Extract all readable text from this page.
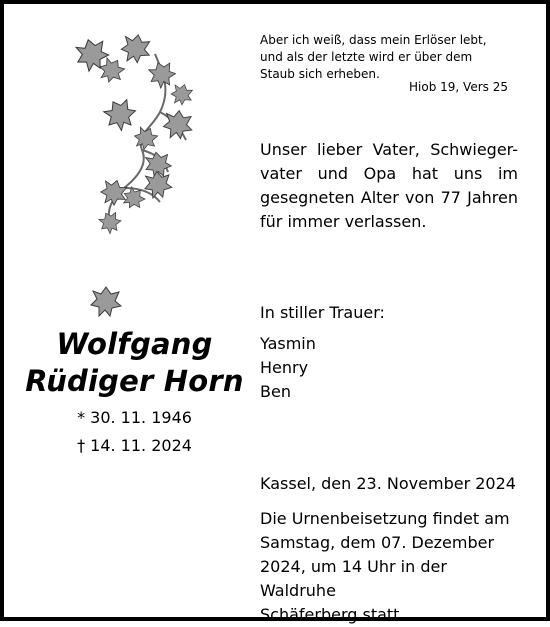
Aber ich weiß, dass mein Erlöser lebt,
und als der letzte wird er über dem
Staub sich erheben.

Hiob 19, Vers 25
Wolfgang
Rüdiger Horn
* 30. 11. 1946
† 14. 11. 2024

Unser lieber Vater, Schwieger-
vater und Opa hat uns im
gesegneten Alter von 77 Jahren
für immer verlassen.

In stiller Trauer:
Yasmin
Henry
Ben
Kassel, den 23. November 2024

Die Urnenbeisetzung findet am
Samstag, dem 07. Dezember
2024, um 14 Uhr in der Waldruhe
Schäferberg statt.
